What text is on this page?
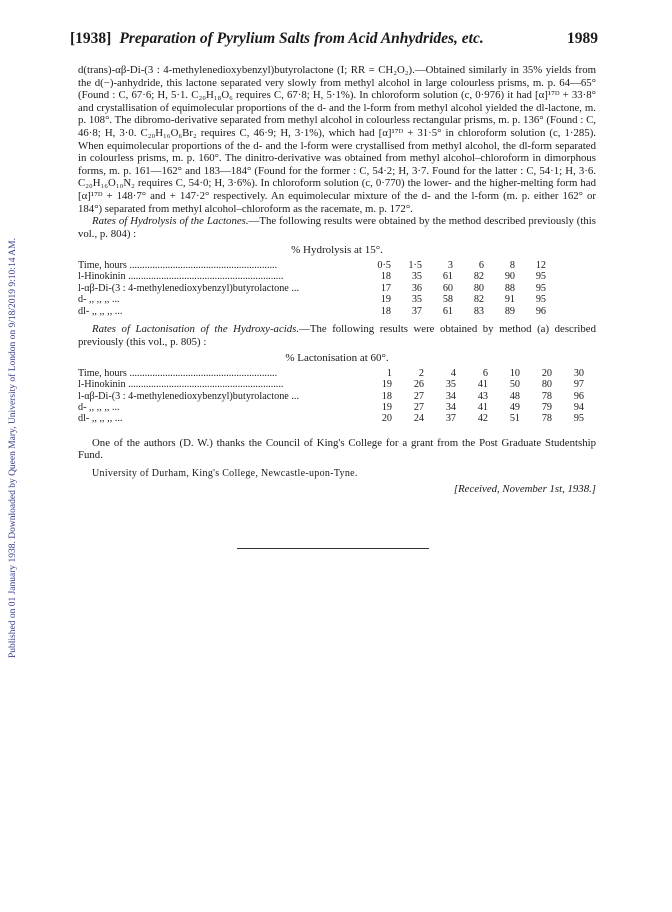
Published on 01 January 1938. Downloaded by Queen Mary, University of London on 9/18/2019 9:10:14 AM.
[1938] Preparation of Pyrylium Salts from Acid Anhydrides, etc.	1989

d(trans)-αβ-Di-(3 : 4-methylenedioxybenzyl)butyrolactone (I; RR = CH₂O₂).—Obtained similarly in 35% yields from the d(−)-anhydride, this lactone separated very slowly from methyl alcohol in large colourless prisms, m. p. 64—65° (Found : C, 67·6; H, 5·1. C₂₀H₁₈O₆ requires C, 67·8; H, 5·1%). In chloroform solution (c, 0·976) it had [α]¹⁷ᴰ + 33·8° and crystallisation of equimolecular proportions of the d- and the l-form from methyl alcohol yielded the dl-lactone, m. p. 108°. The dibromo-derivative separated from methyl alcohol in colourless rectangular prisms, m. p. 136° (Found : C, 46·8; H, 3·0. C₂₀H₁₆O₆Br₂ requires C, 46·9; H, 3·1%), which had [α]¹⁷ᴰ + 31·5° in chloroform solution (c, 1·285). When equimolecular proportions of the d- and the l-form were crystallised from methyl alcohol, the dl-form separated in colourless prisms, m. p. 160°. The dinitro-derivative was obtained from methyl alcohol–chloroform in dimorphous forms, m. p. 161—162° and 183—184° (Found for the former : C, 54·2; H, 3·7. Found for the latter : C, 54·1; H, 3·6. C₂₀H₁₆O₁₀N₂ requires C, 54·0; H, 3·6%). In chloroform solution (c, 0·770) the lower- and the higher-melting form had [α]¹⁷ᴰ + 148·7° and + 147·2° respectively. An equimolecular mixture of the d- and the l-form (m. p. either 162° or 184°) separated from methyl alcohol–chloroform as the racemate, m. p. 172°.

Rates of Hydrolysis of the Lactones.—The following results were obtained by the method described previously (this vol., p. 804) :

% Hydrolysis at 15°.
Time, hours ..........................................................	0·5	1·5	3	6	8	12
l-Hinokinin .............................................................	18	35	61	82	90	95
l-αβ-Di-(3 : 4-methylenedioxybenzyl)butyrolactone ...	17	36	60	80	88	95
d- ,, ,, ,, ...	19	35	58	82	91	95
dl- ,, ,, ,, ...	18	37	61	83	89	96

Rates of Lactonisation of the Hydroxy-acids.—The following results were obtained by method (a) described previously (this vol., p. 805) :

% Lactonisation at 60°.
Time, hours ..........................................................	1	2	4	6	10	20	30
l-Hinokinin .............................................................	19	26	35	41	50	80	97
l-αβ-Di-(3 : 4-methylenedioxybenzyl)butyrolactone ...	18	27	34	43	48	78	96
d- ,, ,, ,, ...	19	27	34	41	49	79	94
dl- ,, ,, ,, ...	20	24	37	42	51	78	95

One of the authors (D. W.) thanks the Council of King's College for a grant from the Post Graduate Studentship Fund.

University of Durham, King's College, Newcastle-upon-Tyne.

[Received, November 1st, 1938.]
